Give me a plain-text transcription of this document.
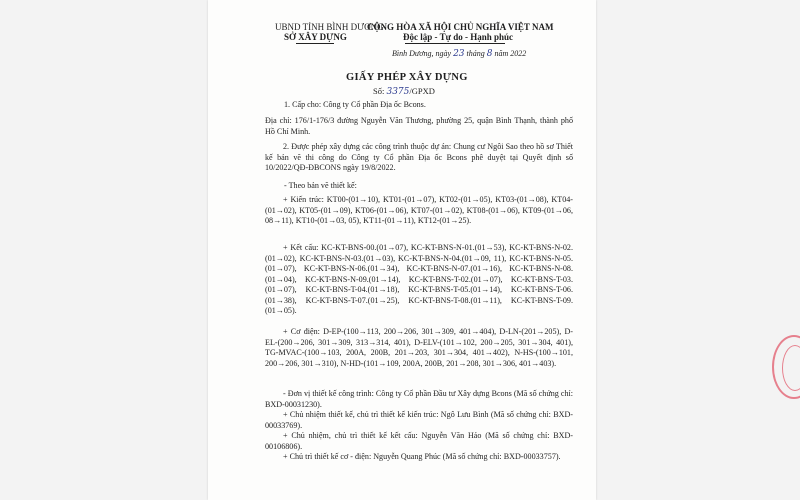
UBND TỈNH BÌNH DƯƠNG
SỞ XÂY DỰNG
CỘNG HÒA XÃ HỘI CHỦ NGHĨA VIỆT NAM
Độc lập - Tự do - Hạnh phúc
Bình Dương, ngày 23 tháng 8 năm 2022
GIẤY PHÉP XÂY DỰNG
Số: 3375/GPXD
1. Cấp cho: Công ty Cổ phần Địa ốc Bcons.
Địa chỉ: 176/1-176/3 đường Nguyễn Văn Thương, phường 25, quận Bình Thạnh, thành phố Hồ Chí Minh.
2. Được phép xây dựng các công trình thuộc dự án: Chung cư Ngôi Sao theo hồ sơ Thiết kế bản vẽ thi công do Công ty Cổ phần Địa ốc Bcons phê duyệt tại Quyết định số 10/2022/QĐ-ĐBCONS ngày 19/8/2022.
- Theo bản vẽ thiết kế:
+ Kiến trúc: KT00-(01→10), KT01-(01→07), KT02-(01→05), KT03-(01→08), KT04-(01→02), KT05-(01→09), KT06-(01→06), KT07-(01→02), KT08-(01→06), KT09-(01→06, 08→11), KT10-(01→03, 05), KT11-(01→11), KT12-(01→25).
+ Kết cấu: KC-KT-BNS-00.(01→07), KC-KT-BNS-N-01.(01→53), KC-KT-BNS-N-02.(01→02), KC-KT-BNS-N-03.(01→03), KC-KT-BNS-N-04.(01→09, 11), KC-KT-BNS-N-05.(01→07), KC-KT-BNS-N-06.(01→34), KC-KT-BNS-N-07.(01→16), KC-KT-BNS-N-08.(01→04), KC-KT-BNS-N-09.(01→14), KC-KT-BNS-T-02.(01→07), KC-KT-BNS-T-03.(01→07), KC-KT-BNS-T-04.(01→18), KC-KT-BNS-T-05.(01→14), KC-KT-BNS-T-06.(01→38), KC-KT-BNS-T-07.(01→25), KC-KT-BNS-T-08.(01→11), KC-KT-BNS-T-09.(01→05).
+ Cơ điện: D-EP-(100→113, 200→206, 301→309, 401→404), D-LN-(201→205), D-EL-(200→206, 301→309, 313→314, 401), D-ELV-(101→102, 200→205, 301→304, 401), TG-MVAC-(100→103, 200A, 200B, 201→203, 301→304, 401→402), N-HS-(100→101, 200→206, 301→310), N-HD-(101→109, 200A, 200B, 201→208, 301→306, 401→403).
- Đơn vị thiết kế công trình: Công ty Cổ phần Đầu tư Xây dựng Bcons (Mã số chứng chỉ: BXD-00031230).
+ Chủ nhiệm thiết kế, chủ trì thiết kế kiến trúc: Ngô Lưu Bình (Mã số chứng chỉ: BXD-00033769).
+ Chủ nhiệm, chủ trì thiết kế kết cấu: Nguyễn Văn Hảo (Mã số chứng chỉ: BXD-00106806).
+ Chủ trì thiết kế cơ - điện: Nguyễn Quang Phúc (Mã số chứng chỉ: BXD-00033757).
